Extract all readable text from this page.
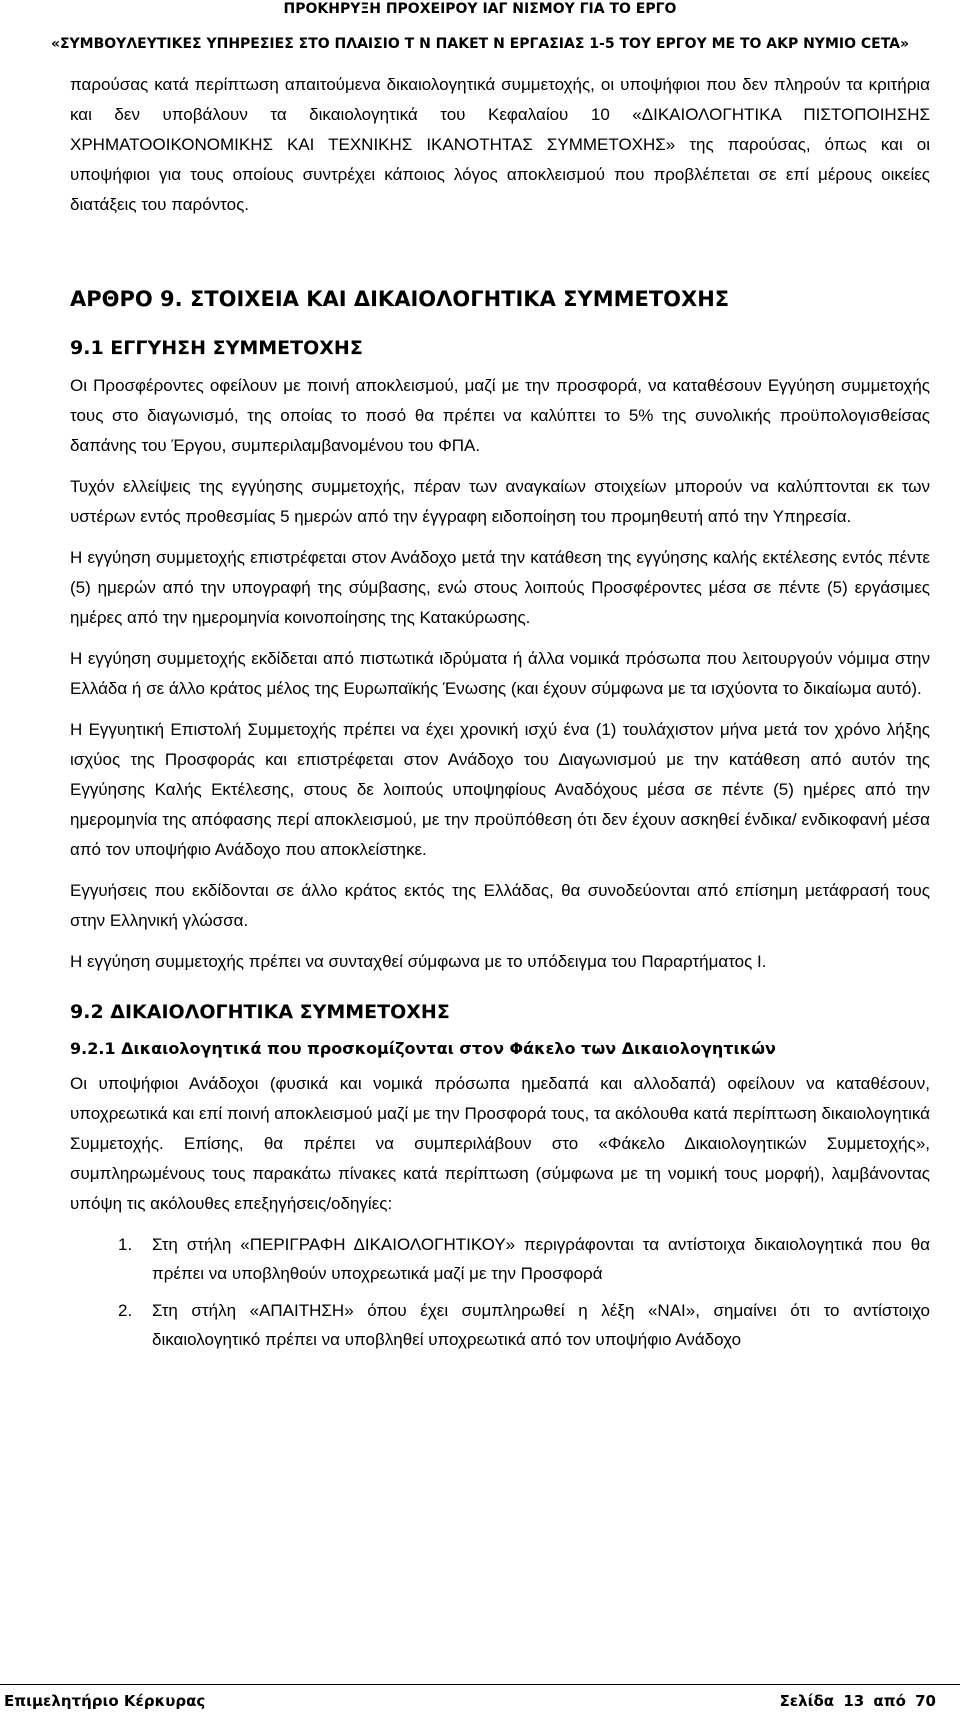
ΠΡΟΚΗΡΥΞΗ ΠΡΟΧΕΙΡΟΥ ΙΑΓ ΝΙΣΜΟΥ ΓΙΑ ΤΟ ΕΡΓΟ
«ΣΥΜΒΟΥΛΕΥΤΙΚΕΣ ΥΠΗΡΕΣΙΕΣ ΣΤΟ ΠΛΑΙΣΙΟ Τ Ν ΠΑΚΕΤ Ν ΕΡΓΑΣΙΑΣ 1-5 ΤΟΥ ΕΡΓΟΥ ΜΕ ΤΟ ΑΚΡ ΝΥΜΙΟ CETA»

παρούσας κατά περίπτωση απαιτούμενα δικαιολογητικά συμμετοχής, οι υποψήφιοι που δεν πληρούν τα κριτήρια και δεν υποβάλουν τα δικαιολογητικά του Κεφαλαίου 10 «ΔΙΚΑΙΟΛΟΓΗΤΙΚΑ ΠΙΣΤΟΠΟΙΗΣΗΣ ΧΡΗΜΑΤΟΟΙΚΟΝΟΜΙΚΗΣ ΚΑΙ ΤΕΧΝΙΚΗΣ ΙΚΑΝΟΤΗΤΑΣ ΣΥΜΜΕΤΟΧΗΣ» της παρούσας, όπως και οι υποψήφιοι για τους οποίους συντρέχει κάποιος λόγος αποκλεισμού που προβλέπεται σε επί μέρους οικείες διατάξεις του παρόντος.

ΑΡΘΡΟ 9. ΣΤΟΙΧΕΙΑ ΚΑΙ ΔΙΚΑΙΟΛΟΓΗΤΙΚΑ ΣΥΜΜΕΤΟΧΗΣ
9.1 ΕΓΓΥΗΣΗ ΣΥΜΜΕΤΟΧΗΣ

Οι Προσφέροντες οφείλουν με ποινή αποκλεισμού, μαζί με την προσφορά, να καταθέσουν Εγγύηση συμμετοχής τους στο διαγωνισμό, της οποίας το ποσό θα πρέπει να καλύπτει το 5% της συνολικής προϋπολογισθείσας δαπάνης του Έργου, συμπεριλαμβανομένου του ΦΠΑ.

Τυχόν ελλείψεις της εγγύησης συμμετοχής, πέραν των αναγκαίων στοιχείων μπορούν να καλύπτονται εκ των υστέρων εντός προθεσμίας 5 ημερών από την έγγραφη ειδοποίηση του προμηθευτή από την Υπηρεσία.

Η εγγύηση συμμετοχής επιστρέφεται στον Ανάδοχο μετά την κατάθεση της εγγύησης καλής εκτέλεσης εντός πέντε (5) ημερών από την υπογραφή της σύμβασης, ενώ στους λοιπούς Προσφέροντες μέσα σε πέντε (5) εργάσιμες ημέρες από την ημερομηνία κοινοποίησης της Κατακύρωσης.

Η εγγύηση συμμετοχής εκδίδεται από πιστωτικά ιδρύματα ή άλλα νομικά πρόσωπα που λειτουργούν νόμιμα στην Ελλάδα ή σε άλλο κράτος μέλος της Ευρωπαϊκής Ένωσης (και έχουν σύμφωνα με τα ισχύοντα το δικαίωμα αυτό).

Η Εγγυητική Επιστολή Συμμετοχής πρέπει να έχει χρονική ισχύ ένα (1) τουλάχιστον μήνα μετά τον χρόνο λήξης ισχύος της Προσφοράς και επιστρέφεται στον Ανάδοχο του Διαγωνισμού με την κατάθεση από αυτόν της Εγγύησης Καλής Εκτέλεσης, στους δε λοιπούς υποψηφίους Αναδόχους μέσα σε πέντε (5) ημέρες από την ημερομηνία της απόφασης περί αποκλεισμού, με την προϋπόθεση ότι δεν έχουν ασκηθεί ένδικα/ ενδικοφανή μέσα από τον υποψήφιο Ανάδοχο που αποκλείστηκε.

Εγγυήσεις που εκδίδονται σε άλλο κράτος εκτός της Ελλάδας, θα συνοδεύονται από επίσημη μετάφρασή τους στην Ελληνική γλώσσα.

Η εγγύηση συμμετοχής πρέπει να συνταχθεί σύμφωνα με το υπόδειγμα του Παραρτήματος Ι.

9.2 ΔΙΚΑΙΟΛΟΓΗΤΙΚΑ ΣΥΜΜΕΤΟΧΗΣ
9.2.1 Δικαιολογητικά που προσκομίζονται στον Φάκελο των Δικαιολογητικών

Οι υποψήφιοι Ανάδοχοι (φυσικά και νομικά πρόσωπα ημεδαπά και αλλοδαπά) οφείλουν να καταθέσουν, υποχρεωτικά και επί ποινή αποκλεισμού μαζί με την Προσφορά τους, τα ακόλουθα κατά περίπτωση δικαιολογητικά Συμμετοχής. Επίσης, θα πρέπει να συμπεριλάβουν στο «Φάκελο Δικαιολογητικών Συμμετοχής», συμπληρωμένους τους παρακάτω πίνακες κατά περίπτωση (σύμφωνα με τη νομική τους μορφή), λαμβάνοντας υπόψη τις ακόλουθες επεξηγήσεις/οδηγίες:

1. Στη στήλη «ΠΕΡΙΓΡΑΦΗ ΔΙΚΑΙΟΛΟΓΗΤΙΚΟΥ» περιγράφονται τα αντίστοιχα δικαιολογητικά που θα πρέπει να υποβληθούν υποχρεωτικά μαζί με την Προσφορά
2. Στη στήλη «ΑΠΑΙΤΗΣΗ» όπου έχει συμπληρωθεί η λέξη «ΝΑΙ», σημαίνει ότι το αντίστοιχο δικαιολογητικό πρέπει να υποβληθεί υποχρεωτικά από τον υποψήφιο Ανάδοχο
Επιμελητήριο Κέρκυρας	Σελίδα 13 από 70
